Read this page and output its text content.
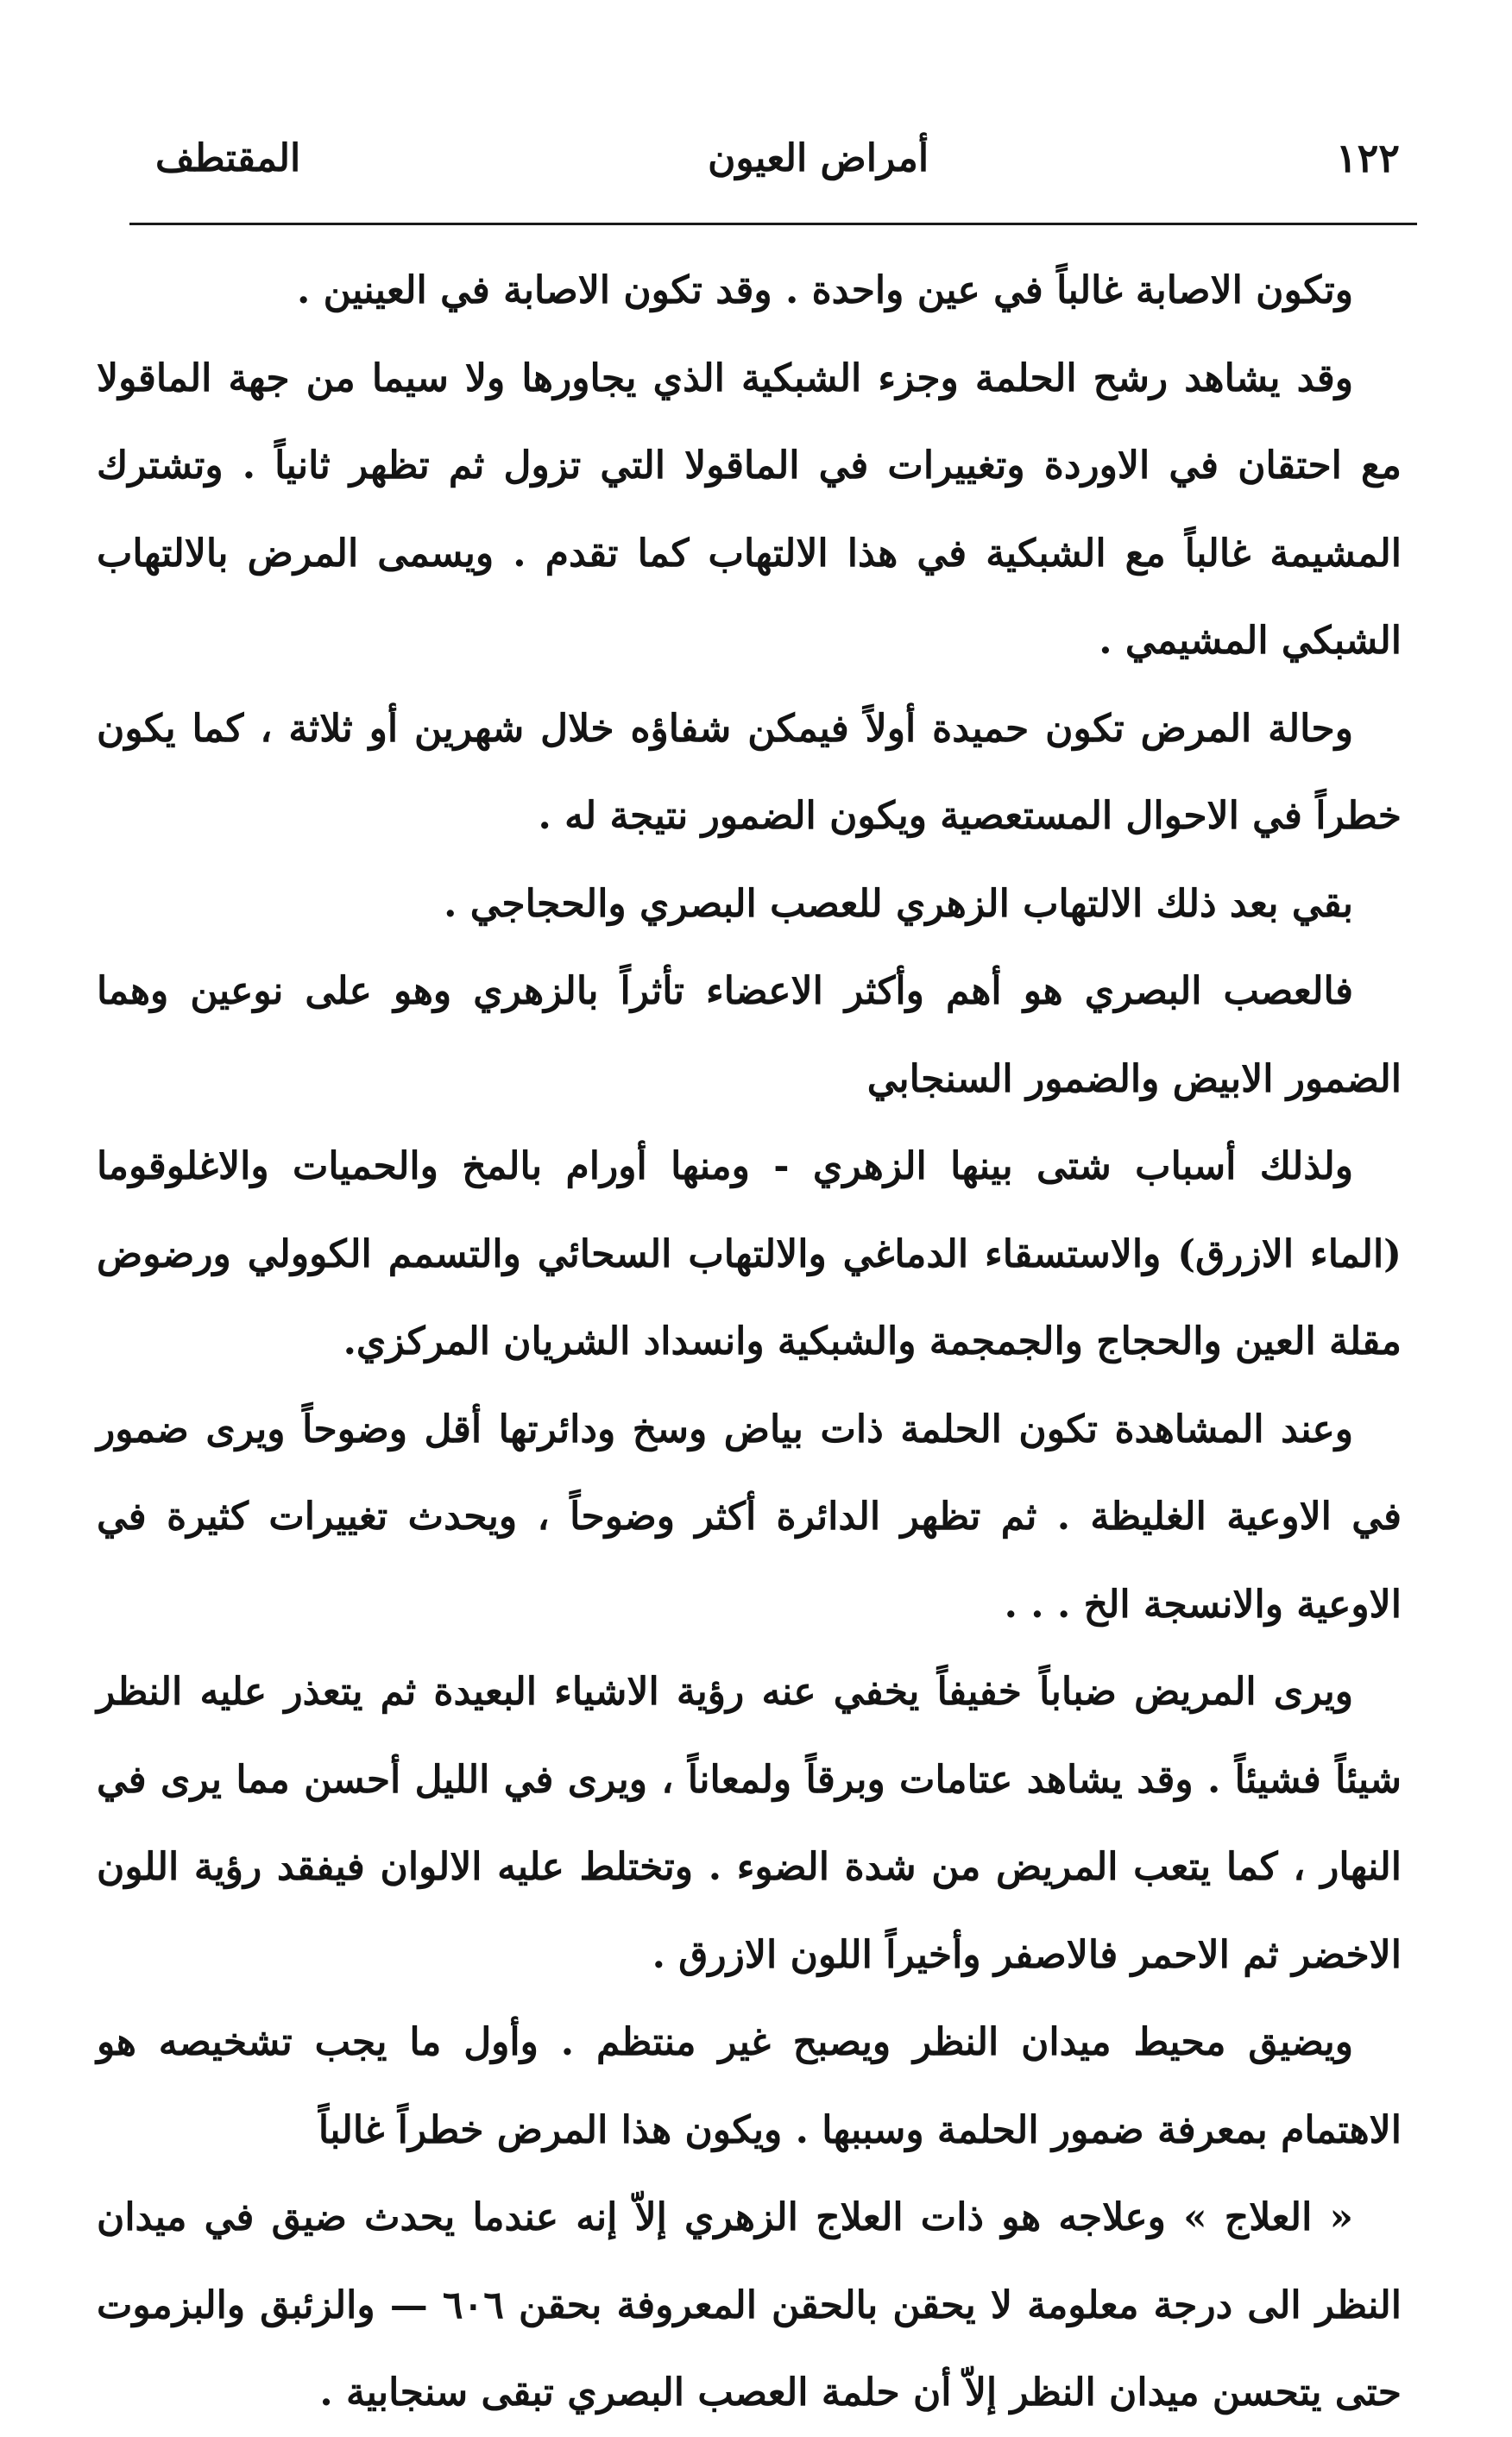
١٢٢
أمراض العيون
المقتطف

وتكون الاصابة غالباً في عين واحدة . وقد تكون الاصابة في العينين .

وقد يشاهد رشح الحلمة وجزء الشبكية الذي يجاورها ولا سيما من جهة الماقولا مع احتقان في الاوردة وتغييرات في الماقولا التي تزول ثم تظهر ثانياً . وتشترك المشيمة غالباً مع الشبكية في هذا الالتهاب كما تقدم . ويسمى المرض بالالتهاب الشبكي المشيمي .

وحالة المرض تكون حميدة أولاً فيمكن شفاؤه خلال شهرين أو ثلاثة ، كما يكون خطراً في الاحوال المستعصية ويكون الضمور نتيجة له .

بقي بعد ذلك الالتهاب الزهري للعصب البصري والحجاجي .

فالعصب البصري هو أهم وأكثر الاعضاء تأثراً بالزهري وهو على نوعين وهما الضمور الابيض والضمور السنجابي

ولذلك أسباب شتى بينها الزهري - ومنها أورام بالمخ والحميات والاغلوقوما (الماء الازرق) والاستسقاء الدماغي والالتهاب السحائي والتسمم الكوولي ورضوض مقلة العين والحجاج والجمجمة والشبكية وانسداد الشريان المركزي.

وعند المشاهدة تكون الحلمة ذات بياض وسخ ودائرتها أقل وضوحاً ويرى ضمور في الاوعية الغليظة . ثم تظهر الدائرة أكثر وضوحاً ، ويحدث تغييرات كثيرة في الاوعية والانسجة الخ . . .

ويرى المريض ضباباً خفيفاً يخفي عنه رؤية الاشياء البعيدة ثم يتعذر عليه النظر شيئاً فشيئاً . وقد يشاهد عتامات وبرقاً ولمعاناً ، ويرى في الليل أحسن مما يرى في النهار ، كما يتعب المريض من شدة الضوء . وتختلط عليه الالوان فيفقد رؤية اللون الاخضر ثم الاحمر فالاصفر وأخيراً اللون الازرق .

ويضيق محيط ميدان النظر ويصبح غير منتظم . وأول ما يجب تشخيصه هو الاهتمام بمعرفة ضمور الحلمة وسببها . ويكون هذا المرض خطراً غالباً

« العلاج » وعلاجه هو ذات العلاج الزهري إلاّ إنه عندما يحدث ضيق في ميدان النظر الى درجة معلومة لا يحقن بالحقن المعروفة بحقن ٦٠٦ — والزئبق والبزموت حتى يتحسن ميدان النظر إلاّ أن حلمة العصب البصري تبقى سنجابية .
